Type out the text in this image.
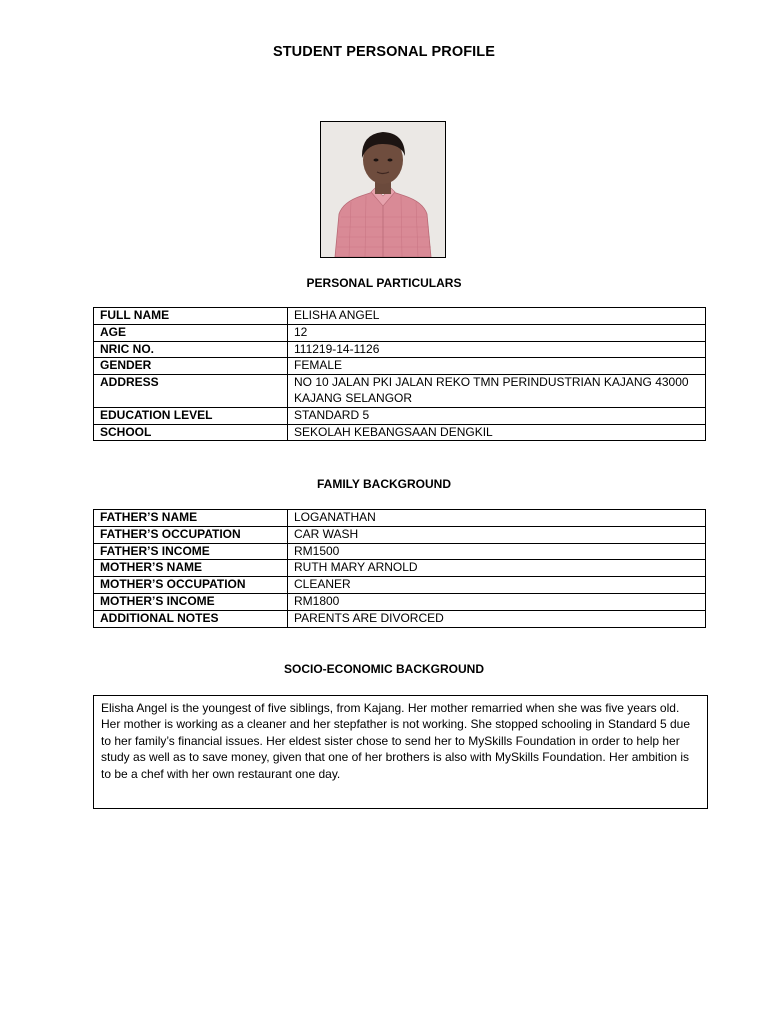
STUDENT PERSONAL PROFILE
PERSONAL PARTICULARS
FULL NAME	ELISHA ANGEL
AGE	12
NRIC NO.	111219-14-1126
GENDER	FEMALE
ADDRESS	NO 10 JALAN PKI JALAN REKO TMN PERINDUSTRIAN KAJANG 43000 KAJANG SELANGOR
EDUCATION LEVEL	STANDARD 5
SCHOOL	SEKOLAH KEBANGSAAN DENGKIL
FAMILY BACKGROUND
FATHER’S NAME	LOGANATHAN
FATHER’S OCCUPATION	CAR WASH
FATHER’S INCOME	RM1500
MOTHER’S NAME	RUTH MARY ARNOLD
MOTHER’S OCCUPATION	CLEANER
MOTHER’S INCOME	RM1800
ADDITIONAL NOTES	PARENTS ARE DIVORCED
SOCIO-ECONOMIC BACKGROUND
Elisha Angel is the youngest of five siblings, from Kajang. Her mother remarried when she was five years old. Her mother is working as a cleaner and her stepfather is not working. She stopped schooling in Standard 5 due to her family’s financial issues. Her eldest sister chose to send her to MySkills Foundation in order to help her study as well as to save money, given that one of her brothers is also with MySkills Foundation. Her ambition is to be a chef with her own restaurant one day.
